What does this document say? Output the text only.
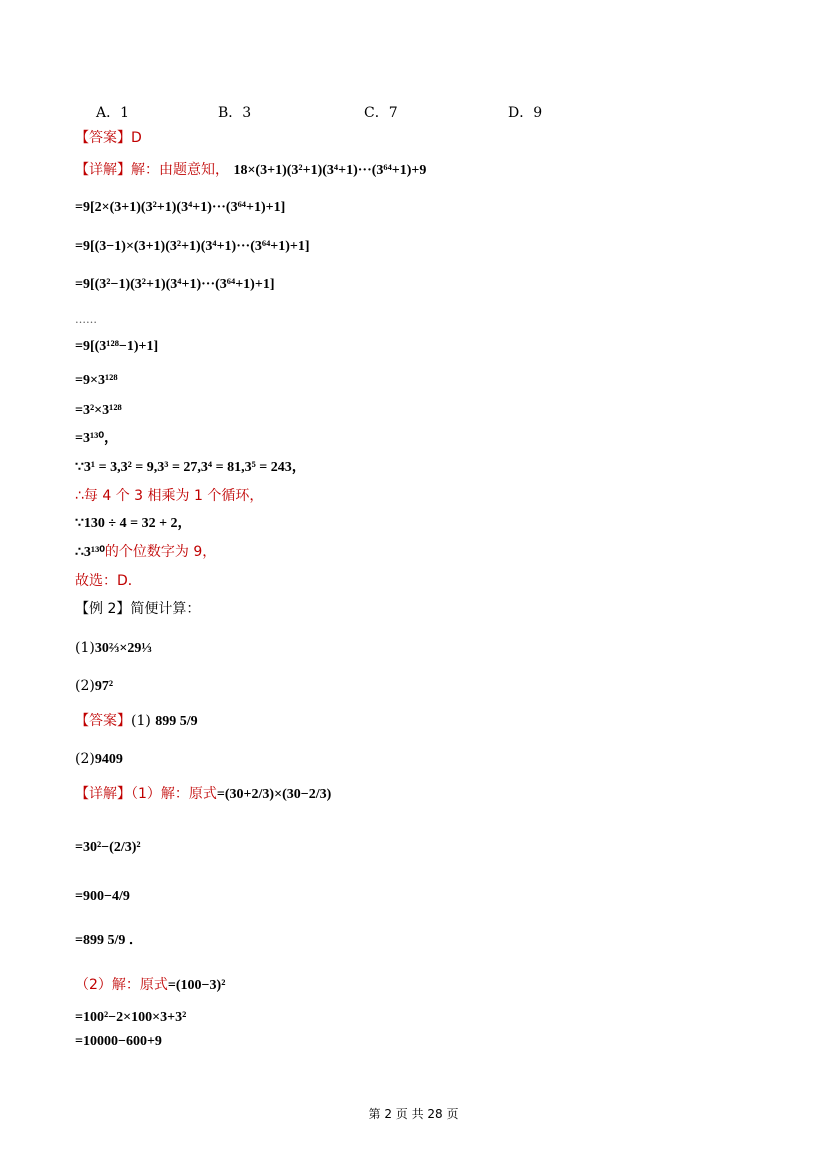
A．1	B．3	C．7	D．9
【答案】D
【详解】解：由题意知， 18×(3+1)(3²+1)(3⁴+1)···(3⁶⁴+1)+9
=9[2×(3+1)(3²+1)(3⁴+1)···(3⁶⁴+1)+1]
=9[(3−1)×(3+1)(3²+1)(3⁴+1)···(3⁶⁴+1)+1]
=9[(3²−1)(3²+1)(3⁴+1)···(3⁶⁴+1)+1]
……
=9[(3¹²⁸−1)+1]
=9×3¹²⁸
=3²×3¹²⁸
=3¹³⁰，
∵3¹ = 3,3² = 9,3³ = 27,3⁴ = 81,3⁵ = 243，
∴每 4 个 3 相乘为 1 个循环，
∵130 ÷ 4 = 32 + 2，
∴3¹³⁰的个位数字为 9，
故选：D．
【例 2】简便计算：
(1)30⅔×29⅓
(2)97²
【答案】(1) 899 5/9
(2)9409
【详解】（1）解：原式=(30+2/3)×(30−2/3)
=30²−(2/3)²
=900−4/9
=899 5/9 ．
（2）解：原式=(100−3)²
=100²−2×100×3+3²
=10000−600+9
第 2 页 共 28 页
